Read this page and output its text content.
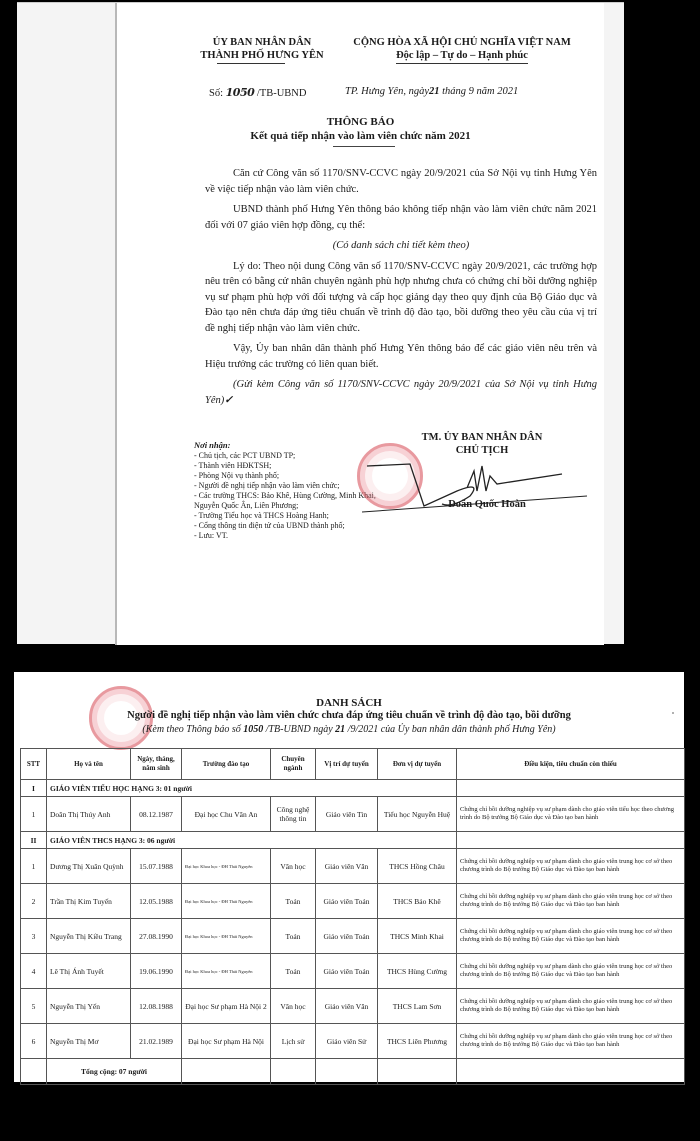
ỦY BAN NHÂN DÂN
THÀNH PHỐ HƯNG YÊN
CỘNG HÒA XÃ HỘI CHỦ NGHĨA VIỆT NAM
Độc lập – Tự do – Hạnh phúc
Số: 1050 /TB-UBND	TP. Hưng Yên, ngày21 tháng 9 năm 2021
THÔNG BÁO
Kết quả tiếp nhận vào làm viên chức năm 2021

Căn cứ Công văn số 1170/SNV-CCVC ngày 20/9/2021 của Sở Nội vụ tỉnh Hưng Yên về việc tiếp nhận vào làm viên chức.

UBND thành phố Hưng Yên thông báo không tiếp nhận vào làm viên chức năm 2021 đối với 07 giáo viên hợp đồng, cụ thể:

(Có danh sách chi tiết kèm theo)

Lý do: Theo nội dung Công văn số 1170/SNV-CCVC ngày 20/9/2021, các trường hợp nêu trên có bằng cử nhân chuyên ngành phù hợp nhưng chưa có chứng chỉ bồi dưỡng nghiệp vụ sư phạm phù hợp với đối tượng và cấp học giảng dạy theo quy định của Bộ Giáo dục và Đào tạo nên chưa đáp ứng tiêu chuẩn về trình độ đào tạo, bồi dưỡng theo yêu cầu của vị trí đề nghị tiếp nhận vào làm viên chức.

Vậy, Ủy ban nhân dân thành phố Hưng Yên thông báo để các giáo viên nêu trên và Hiệu trưởng các trường có liên quan biết.

(Gửi kèm Công văn số 1170/SNV-CCVC ngày 20/9/2021 của Sở Nội vụ tỉnh Hưng Yên)✓

Nơi nhận:
- Chủ tịch, các PCT UBND TP;
- Thành viên HĐKTSH;
- Phòng Nội vụ thành phố;
- Người đề nghị tiếp nhận vào làm viên chức;
- Các trường THCS: Bảo Khê, Hùng Cường, Minh Khai, Nguyễn Quốc Ân, Liên Phương;
- Trường Tiểu học và THCS Hoàng Hanh;
- Cổng thông tin điện tử của UBND thành phố;
- Lưu: VT.
TM. ỦY BAN NHÂN DÂN
CHỦ TỊCH
Doãn Quốc Hoàn
DANH SÁCH
Người đề nghị tiếp nhận vào làm viên chức chưa đáp ứng tiêu chuẩn về trình độ đào tạo, bồi dưỡng
(Kèm theo Thông báo số 1050 /TB-UBND ngày 21 /9/2021 của Ủy ban nhân dân thành phố Hưng Yên)
STT	Họ và tên	Ngày, tháng, năm sinh	Trường đào tạo	Chuyên ngành	Vị trí dự tuyển	Đơn vị dự tuyển	Điều kiện, tiêu chuẩn còn thiếu
I	GIÁO VIÊN TIỂU HỌC HẠNG 3: 01 người						
1	Doãn Thị Thúy Anh	08.12.1987	Đại học Chu Văn An	Công nghệ thông tin	Giáo viên Tin	Tiểu học Nguyễn Huệ	Chứng chỉ bồi dưỡng nghiệp vụ sư phạm dành cho giáo viên tiểu học theo chương trình do Bộ trưởng Bộ Giáo dục và Đào tạo ban hành
II	GIÁO VIÊN THCS HẠNG 3: 06 người						
1	Dương Thị Xuân Quỳnh	15.07.1988	Đại học Khoa học - ĐH Thái Nguyên	Văn học	Giáo viên Văn	THCS Hồng Châu	Chứng chỉ bồi dưỡng nghiệp vụ sư phạm dành cho giáo viên trung học cơ sở theo chương trình do Bộ trưởng Bộ Giáo dục và Đào tạo ban hành
2	Trần Thị Kim Tuyến	12.05.1988	Đại học Khoa học - ĐH Thái Nguyên	Toán	Giáo viên Toán	THCS Bảo Khê	Chứng chỉ bồi dưỡng nghiệp vụ sư phạm dành cho giáo viên trung học cơ sở theo chương trình do Bộ trưởng Bộ Giáo dục và Đào tạo ban hành
3	Nguyễn Thị Kiều Trang	27.08.1990	Đại học Khoa học - ĐH Thái Nguyên	Toán	Giáo viên Toán	THCS Minh Khai	Chứng chỉ bồi dưỡng nghiệp vụ sư phạm dành cho giáo viên trung học cơ sở theo chương trình do Bộ trưởng Bộ Giáo dục và Đào tạo ban hành
4	Lê Thị Ánh Tuyết	19.06.1990	Đại học Khoa học - ĐH Thái Nguyên	Toán	Giáo viên Toán	THCS Hùng Cường	Chứng chỉ bồi dưỡng nghiệp vụ sư phạm dành cho giáo viên trung học cơ sở theo chương trình do Bộ trưởng Bộ Giáo dục và Đào tạo ban hành
5	Nguyễn Thị Yến	12.08.1988	Đại học Sư phạm Hà Nội 2	Văn học	Giáo viên Văn	THCS Lam Sơn	Chứng chỉ bồi dưỡng nghiệp vụ sư phạm dành cho giáo viên trung học cơ sở theo chương trình do Bộ trưởng Bộ Giáo dục và Đào tạo ban hành
6	Nguyễn Thị Mơ	21.02.1989	Đại học Sư phạm Hà Nội	Lịch sử	Giáo viên Sử	THCS Liên Phương	Chứng chỉ bồi dưỡng nghiệp vụ sư phạm dành cho giáo viên trung học cơ sở theo chương trình do Bộ trưởng Bộ Giáo dục và Đào tạo ban hành
	Tổng cộng: 07 người						
